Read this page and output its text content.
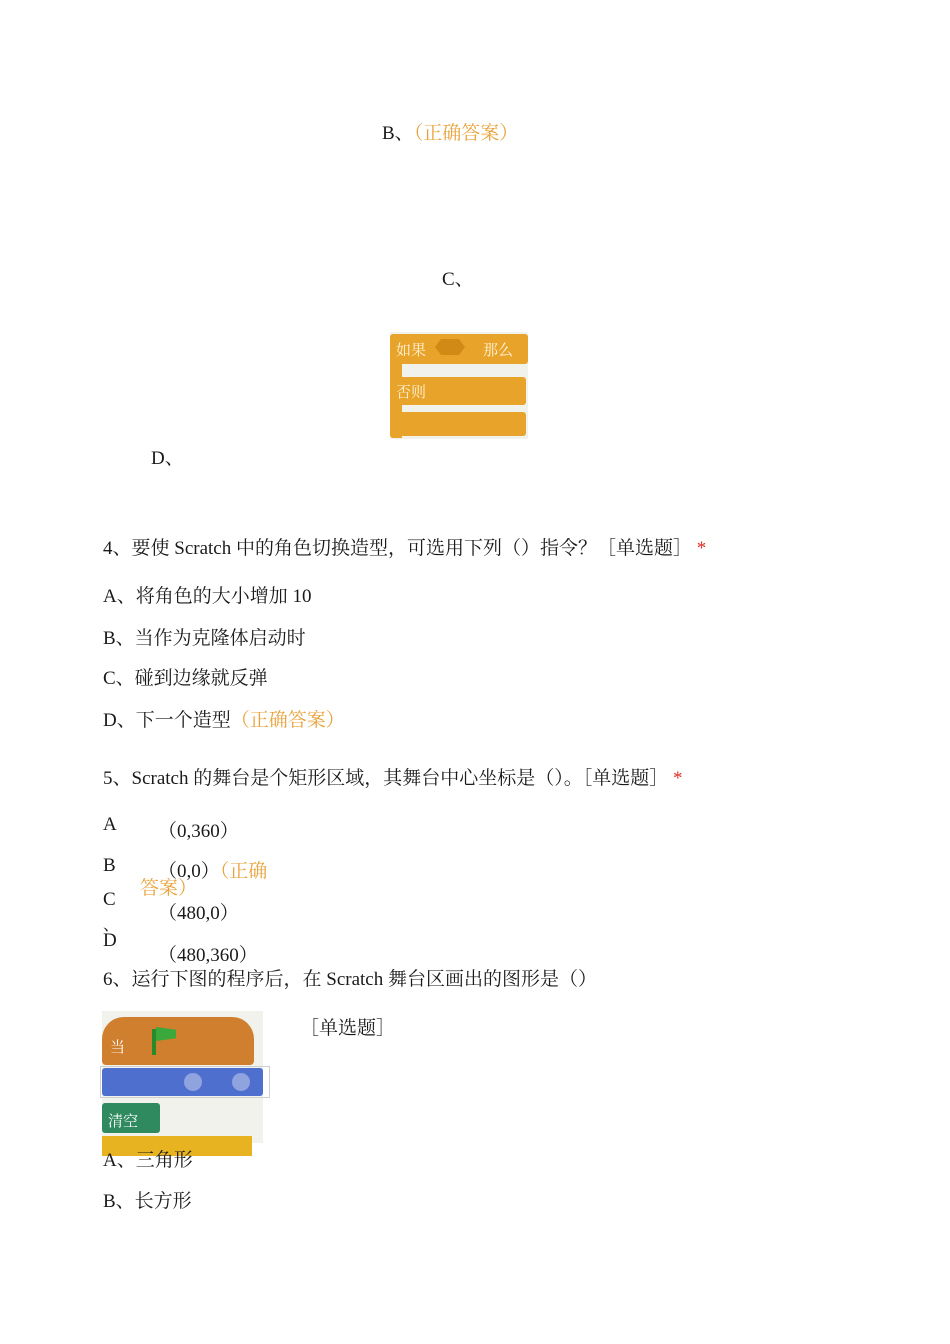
B、（正确答案）
C、
如果	那么
否则
D、
4、要使 Scratch 中的角色切换造型，可选用下列（）指令？［单选题］ *
A、将角色的大小增加 10
B、当作为克隆体启动时
C、碰到边缘就反弹
D、下一个造型（正确答案）
5、Scratch 的舞台是个矩形区域，其舞台中心坐标是（）。［单选题］ *
A （0,360）
B （0,0）（正确
答案）
C
（480,0）
、
D
（480,360）
6、运行下图的程序后，在 Scratch 舞台区画出的图形是（）
当
清空
［单选题］
A、三角形
B、长方形
